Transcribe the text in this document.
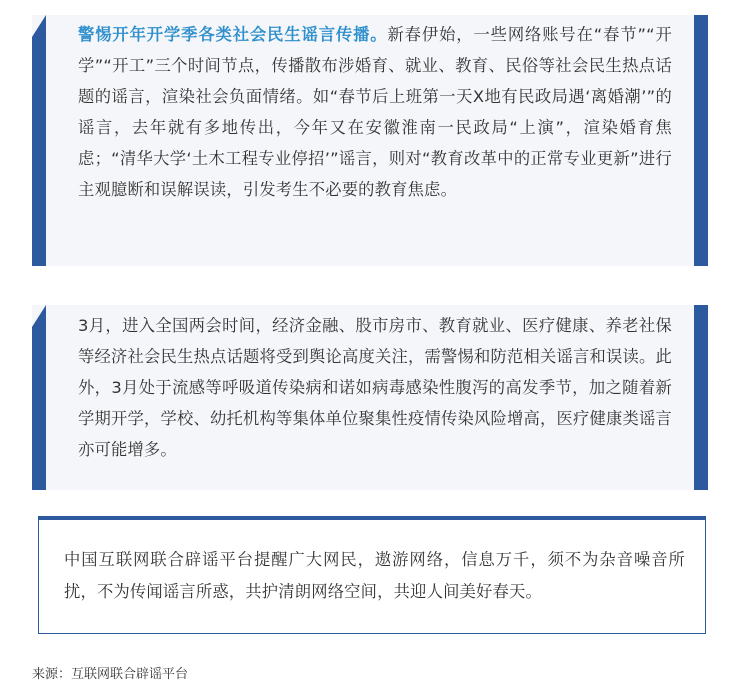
警惕开年开学季各类社会民生谣言传播。新春伊始，一些网络账号在“春节”“开学”“开工”三个时间节点，传播散布涉婚育、就业、教育、民俗等社会民生热点话题的谣言，渲染社会负面情绪。如“春节后上班第一天X地有民政局遇‘离婚潮’”的谣言，去年就有多地传出，今年又在安徽淮南一民政局“上演”，渲染婚育焦虑；“清华大学‘土木工程专业停招’”谣言，则对“教育改革中的正常专业更新”进行主观臆断和误解误读，引发考生不必要的教育焦虑。

3月，进入全国两会时间，经济金融、股市房市、教育就业、医疗健康、养老社保等经济社会民生热点话题将受到舆论高度关注，需警惕和防范相关谣言和误读。此外，3月处于流感等呼吸道传染病和诺如病毒感染性腹泻的高发季节，加之随着新学期开学，学校、幼托机构等集体单位聚集性疫情传染风险增高，医疗健康类谣言亦可能增多。

中国互联网联合辟谣平台提醒广大网民，遨游网络，信息万千，须不为杂音噪音所扰，不为传闻谣言所惑，共护清朗网络空间，共迎人间美好春天。

来源：互联网联合辟谣平台
